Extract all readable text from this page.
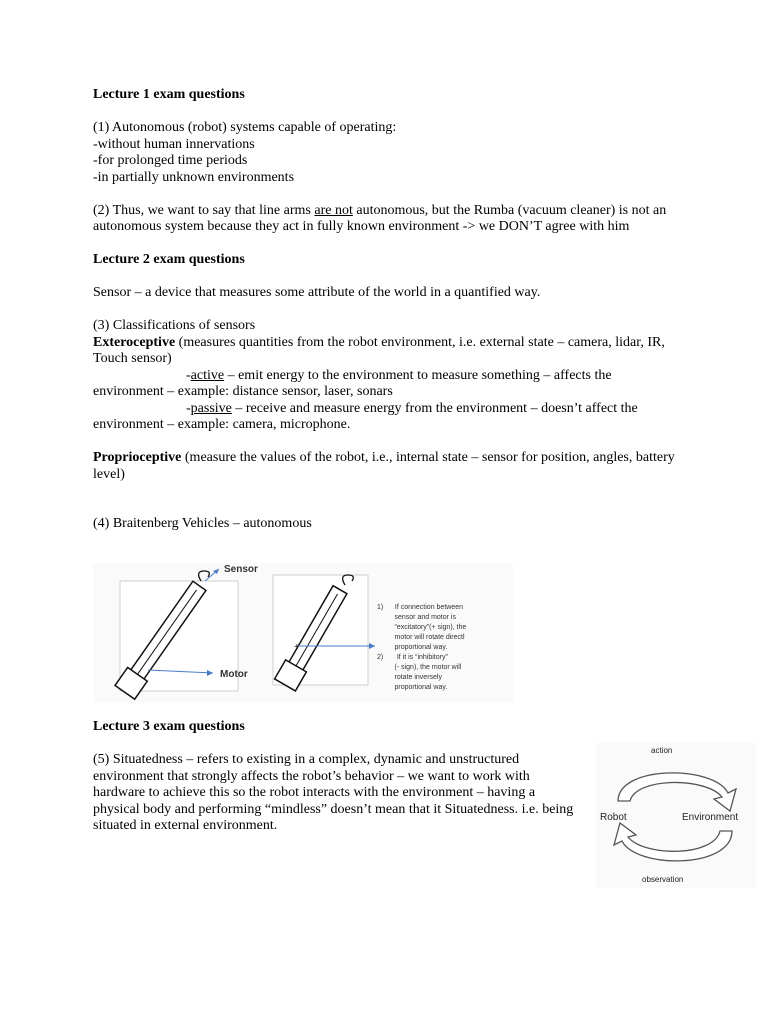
Lecture 1 exam questions

(1) Autonomous (robot) systems capable of operating:

-without human innervations

-for prolonged time periods

-in partially unknown environments

(2) Thus, we want to say that line arms are not autonomous, but the Rumba (vacuum cleaner) is not an autonomous system because they act in fully known environment -> we DON’T agree with him

Lecture 2 exam questions

Sensor – a device that measures some attribute of the world in a quantified way.

(3) Classifications of sensors

Exteroceptive (measures quantities from the robot environment, i.e. external state – camera, lidar, IR, Touch sensor)

-active – emit energy to the environment to measure something – affects the environment – example: distance sensor, laser, sonars

-passive – receive and measure energy from the environment – doesn’t affect the environment – example: camera, microphone.

Proprioceptive (measure the values of the robot, i.e., internal state – sensor for position, angles, battery level)

(4) Braitenberg Vehicles – autonomous

Sensor
Motor
+
1)      If connection between
sensor and motor is
“excitatory”(+ sign), the
motor will rotate directl
proportional way.
2)       If it is “inhibitory”
(- sign), the motor will
rotate inversely
proportional way.
Lecture 3 exam questions

(5) Situatedness – refers to existing in a complex, dynamic and unstructured environment that strongly affects the robot’s behavior – we want to work with hardware to achieve this so the robot interacts with the environment – having a physical body and performing “mindless” doesn’t mean that it Situatedness. i.e. being situated in external environment.

action
Robot	Environment
observation
